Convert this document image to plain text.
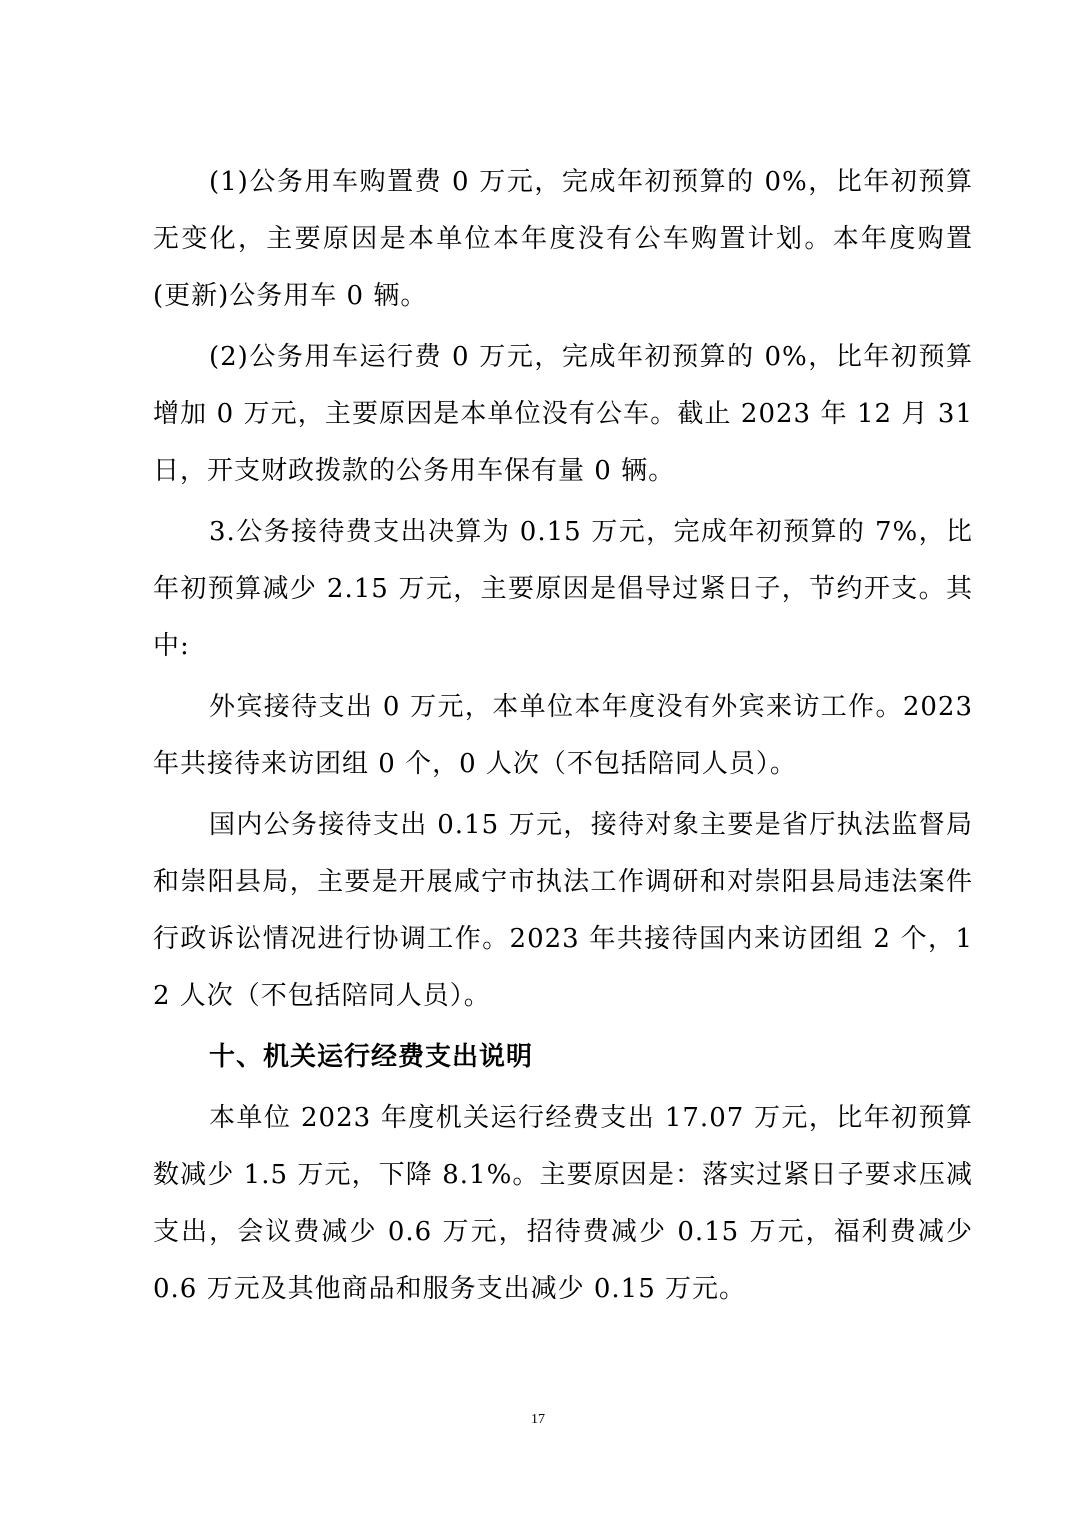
(1)公务用车购置费 0 万元，完成年初预算的 0%，比年初预算无变化，主要原因是本单位本年度没有公车购置计划。本年度购置(更新)公务用车 0 辆。

(2)公务用车运行费 0 万元，完成年初预算的 0%，比年初预算增加 0 万元，主要原因是本单位没有公车。截止 2023 年 12 月 31 日，开支财政拨款的公务用车保有量 0 辆。

3.公务接待费支出决算为 0.15 万元，完成年初预算的 7%，比年初预算减少 2.15 万元，主要原因是倡导过紧日子，节约开支。其中:

外宾接待支出 0 万元，本单位本年度没有外宾来访工作。2023 年共接待来访团组 0 个，0 人次（不包括陪同人员）。

国内公务接待支出 0.15 万元，接待对象主要是省厅执法监督局和崇阳县局，主要是开展咸宁市执法工作调研和对崇阳县局违法案件行政诉讼情况进行协调工作。2023 年共接待国内来访团组 2 个，12 人次（不包括陪同人员）。

十、机关运行经费支出说明

本单位 2023 年度机关运行经费支出 17.07 万元，比年初预算数减少 1.5 万元，下降 8.1%。主要原因是：落实过紧日子要求压减支出，会议费减少 0.6 万元，招待费减少 0.15 万元，福利费减少 0.6 万元及其他商品和服务支出减少 0.15 万元。

17
